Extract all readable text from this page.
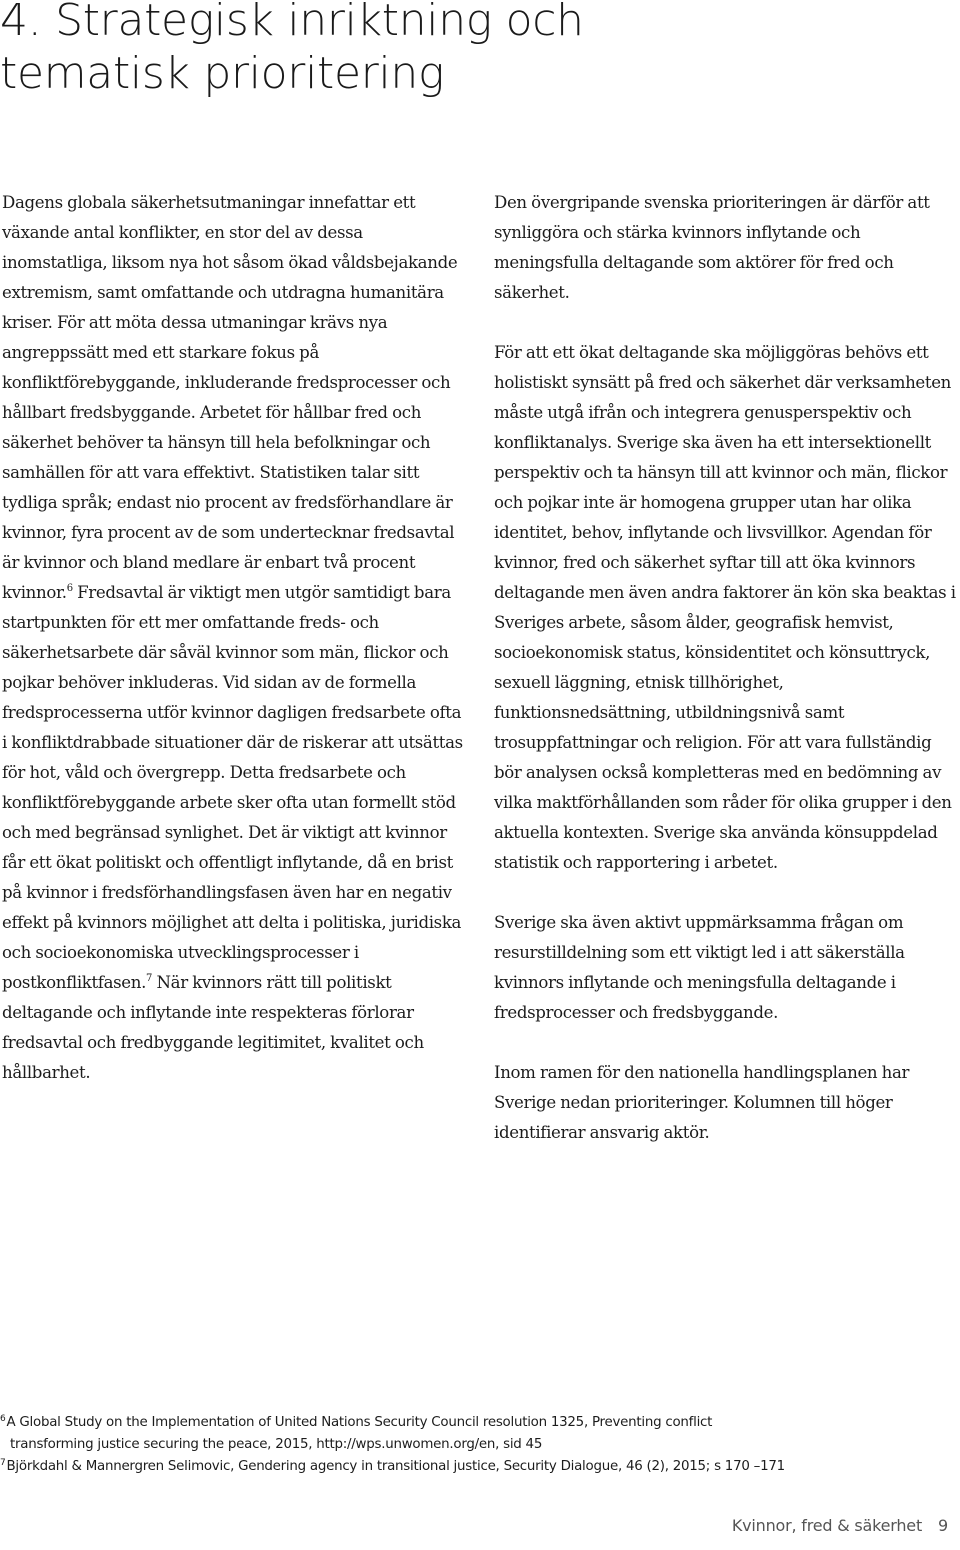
4. Strategisk inriktning och
tematisk prioritering

Dagens globala säkerhetsutmaningar innefattar ett växande antal konflikter, en stor del av dessa inomstatliga, liksom nya hot såsom ökad våldsbejakande extremism, samt omfattande och utdragna humanitära kriser. För att möta dessa utmaningar krävs nya angreppssätt med ett starkare fokus på konfliktförebyggande, inkluderande fredsprocesser och hållbart fredsbyggande. Arbetet för hållbar fred och säkerhet behöver ta hänsyn till hela befolkningar och samhällen för att vara effektivt. Statistiken talar sitt tydliga språk; endast nio procent av fredsförhandlare är kvinnor, fyra procent av de som undertecknar fredsavtal är kvinnor och bland medlare är enbart två procent kvinnor.$^6$ Fredsavtal är viktigt men utgör samtidigt bara startpunkten för ett mer omfattande freds- och säkerhetsarbete där såväl kvinnor som män, flickor och pojkar behöver inkluderas. Vid sidan av de formella fredsprocesserna utför kvinnor dagligen fredsarbete ofta i konfliktdrabbade situationer där de riskerar att utsättas för hot, våld och övergrepp. Detta fredsarbete och konfliktförebyggande arbete sker ofta utan formellt stöd och med begränsad synlighet. Det är viktigt att kvinnor får ett ökat politiskt och offentligt inflytande, då en brist på kvinnor i fredsförhandlingsfasen även har en negativ effekt på kvinnors möjlighet att delta i politiska, juridiska och socioekonomiska utvecklingsprocesser i postkonfliktfasen.$^7$ När kvinnors rätt till politiskt deltagande och inflytande inte respekteras förlorar fredsavtal och fredbyggande legitimitet, kvalitet och hållbarhet.

Den övergripande svenska prioriteringen är därför att synliggöra och stärka kvinnors inflytande och meningsfulla deltagande som aktörer för fred och säkerhet.

För att ett ökat deltagande ska möjliggöras behövs ett holistiskt synsätt på fred och säkerhet där verksamheten måste utgå ifrån och integrera genusperspektiv och konfliktanalys. Sverige ska även ha ett intersektionellt perspektiv och ta hänsyn till att kvinnor och män, flickor och pojkar inte är homogena grupper utan har olika identitet, behov, inflytande och livsvillkor. Agendan för kvinnor, fred och säkerhet syftar till att öka kvinnors deltagande men även andra faktorer än kön ska beaktas i Sveriges arbete, såsom ålder, geografisk hemvist, socioekonomisk status, könsidentitet och könsuttryck, sexuell läggning, etnisk tillhörighet, funktionsnedsättning, utbildningsnivå samt trosuppfattningar och religion. För att vara fullständig bör analysen också kompletteras med en bedömning av vilka maktförhållanden som råder för olika grupper i den aktuella kontexten. Sverige ska använda könsuppdelad statistik och rapportering i arbetet.

Sverige ska även aktivt uppmärksamma frågan om resurstilldelning som ett viktigt led i att säkerställa kvinnors inflytande och meningsfulla deltagande i fredsprocesser och fredsbyggande.

Inom ramen för den nationella handlingsplanen har Sverige nedan prioriteringer. Kolumnen till höger identifierar ansvarig aktör.

$^6$A Global Study on the Implementation of United Nations Security Council resolution 1325, Preventing conflict
transforming justice securing the peace, 2015, http://wps.unwomen.org/en, sid 45

$^7$Björkdahl & Mannergren Selimovic, Gendering agency in transitional justice, Security Dialogue, 46 (2), 2015; s 170 –171

Kvinnor, fred & säkerhet 9
